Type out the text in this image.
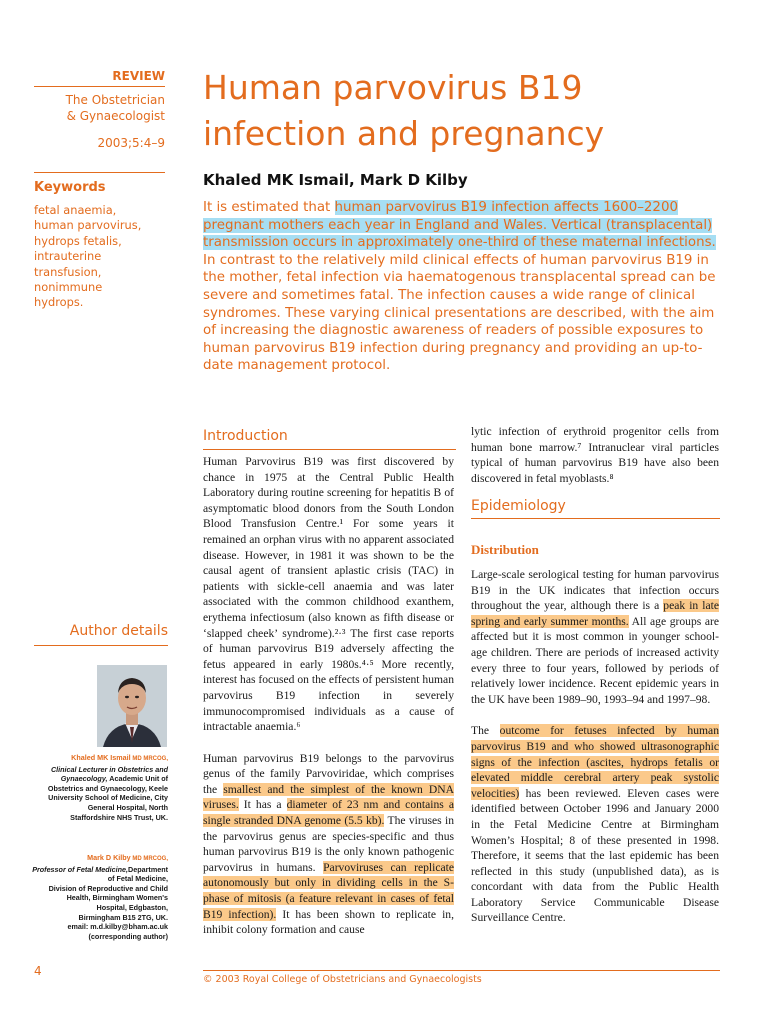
REVIEW
The Obstetrician
& Gynaecologist
2003;5:4–9
Keywords
fetal anaemia,
human parvovirus,
hydrops fetalis,
intrauterine
transfusion,
nonimmune
hydrops.
Author details
Khaled MK Ismail MD MRCOG,
Clinical Lecturer in Obstetrics and Gynaecology, Academic Unit of
Obstetrics and Gynaecology, Keele
University School of Medicine, City
General Hospital, North
Staffordshire NHS Trust, UK.
Mark D Kilby MD MRCOG,
Professor of Fetal Medicine,Department of Fetal Medicine,
Division of Reproductive and Child
Health, Birmingham Women's
Hospital, Edgbaston,
Birmingham B15 2TG, UK.
email: m.d.kilby@bham.ac.uk
(corresponding author)
4
Human parvovirus B19
infection and pregnancy
Khaled MK Ismail, Mark D Kilby
It is estimated that human parvovirus B19 infection affects 1600–2200 pregnant mothers each year in England and Wales. Vertical (transplacental) transmission occurs in approximately one-third of these maternal infections. In contrast to the relatively mild clinical effects of human parvovirus B19 in the mother, fetal infection via haematogenous transplacental spread can be severe and sometimes fatal. The infection causes a wide range of clinical syndromes. These varying clinical presentations are described, with the aim of increasing the diagnostic awareness of readers of possible exposures to human parvovirus B19 infection during pregnancy and providing an up-to-date management protocol.
Introduction

Human Parvovirus B19 was first discovered by chance in 1975 at the Central Public Health Laboratory during routine screening for hepatitis B of asymptomatic blood donors from the South London Blood Transfusion Centre.¹ For some years it remained an orphan virus with no apparent associated disease. However, in 1981 it was shown to be the causal agent of transient aplastic crisis (TAC) in patients with sickle-cell anaemia and was later associated with the common childhood exanthem, erythema infectiosum (also known as fifth disease or ‘slapped cheek’ syndrome).²·³ The first case reports of human parvovirus B19 adversely affecting the fetus appeared in early 1980s.⁴·⁵ More recently, interest has focused on the effects of persistent human parvovirus B19 infection in severely immunocompromised individuals as a cause of intractable anaemia.⁶

Human parvovirus B19 belongs to the parvovirus genus of the family Parvoviridae, which comprises the smallest and the simplest of the known DNA viruses. It has a diameter of 23 nm and contains a single stranded DNA genome (5.5 kb). The viruses in the parvovirus genus are species-specific and thus human parvovirus B19 is the only known pathogenic parvovirus in humans. Parvoviruses can replicate autonomously but only in dividing cells in the S-phase of mitosis (a feature relevant in cases of fetal B19 infection). It has been shown to replicate in, inhibit colony formation and cause

lytic infection of erythroid progenitor cells from human bone marrow.⁷ Intranuclear viral particles typical of human parvovirus B19 have also been discovered in fetal myoblasts.⁸

Epidemiology
Distribution

Large-scale serological testing for human parvovirus B19 in the UK indicates that infection occurs throughout the year, although there is a peak in late spring and early summer months. All age groups are affected but it is most common in younger school-age children. There are periods of increased activity every three to four years, followed by periods of relatively lower incidence. Recent epidemic years in the UK have been 1989–90, 1993–94 and 1997–98.

The outcome for fetuses infected by human parvovirus B19 and who showed ultrasonographic signs of the infection (ascites, hydrops fetalis or elevated middle cerebral artery peak systolic velocities) has been reviewed. Eleven cases were identified between October 1996 and January 2000 in the Fetal Medicine Centre at Birmingham Women’s Hospital; 8 of these presented in 1998. Therefore, it seems that the last epidemic has been reflected in this study (unpublished data), as is concordant with data from the Public Health Laboratory Service Communicable Disease Surveillance Centre.

© 2003 Royal College of Obstetricians and Gynaecologists
